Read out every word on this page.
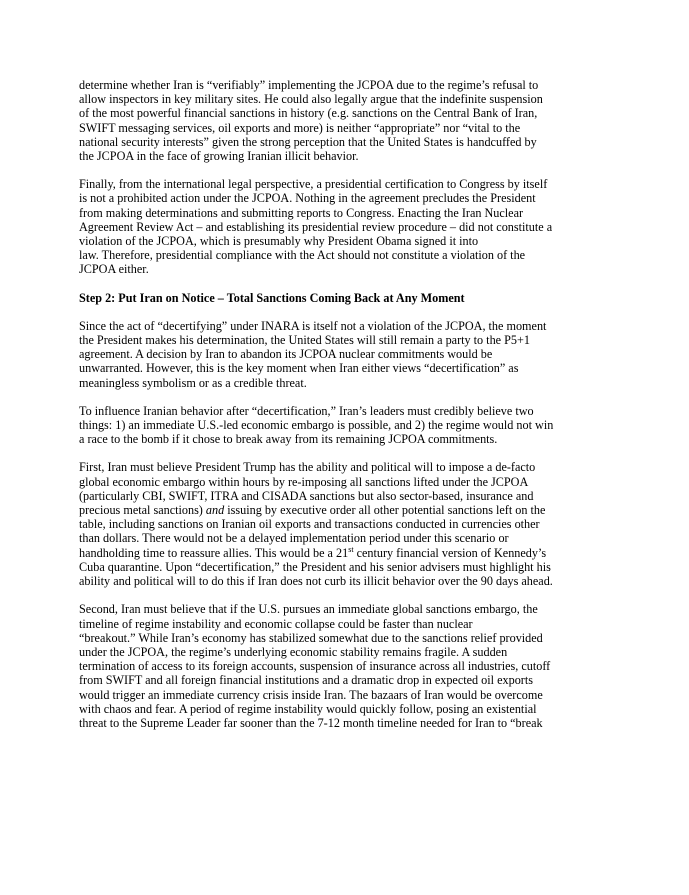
determine whether Iran is “verifiably” implementing the JCPOA due to the regime’s refusal to
allow inspectors in key military sites. He could also legally argue that the indefinite suspension
of the most powerful financial sanctions in history (e.g. sanctions on the Central Bank of Iran,
SWIFT messaging services, oil exports and more) is neither “appropriate” nor “vital to the
national security interests” given the strong perception that the United States is handcuffed by
the JCPOA in the face of growing Iranian illicit behavior.
Finally, from the international legal perspective, a presidential certification to Congress by itself
is not a prohibited action under the JCPOA. Nothing in the agreement precludes the President
from making determinations and submitting reports to Congress. Enacting the Iran Nuclear
Agreement Review Act – and establishing its presidential review procedure – did not constitute a
violation of the JCPOA, which is presumably why President Obama signed it into
law. Therefore, presidential compliance with the Act should not constitute a violation of the
JCPOA either.
Step 2: Put Iran on Notice – Total Sanctions Coming Back at Any Moment
Since the act of “decertifying” under INARA is itself not a violation of the JCPOA, the moment
the President makes his determination, the United States will still remain a party to the P5+1
agreement. A decision by Iran to abandon its JCPOA nuclear commitments would be
unwarranted. However, this is the key moment when Iran either views “decertification” as
meaningless symbolism or as a credible threat.
To influence Iranian behavior after “decertification,” Iran’s leaders must credibly believe two
things: 1) an immediate U.S.-led economic embargo is possible, and 2) the regime would not win
a race to the bomb if it chose to break away from its remaining JCPOA commitments.
First, Iran must believe President Trump has the ability and political will to impose a de-facto
global economic embargo within hours by re-imposing all sanctions lifted under the JCPOA
(particularly CBI, SWIFT, ITRA and CISADA sanctions but also sector-based, insurance and
precious metal sanctions) and issuing by executive order all other potential sanctions left on the
table, including sanctions on Iranian oil exports and transactions conducted in currencies other
than dollars. There would not be a delayed implementation period under this scenario or
handholding time to reassure allies. This would be a 21st century financial version of Kennedy’s
Cuba quarantine. Upon “decertification,” the President and his senior advisers must highlight his
ability and political will to do this if Iran does not curb its illicit behavior over the 90 days ahead.
Second, Iran must believe that if the U.S. pursues an immediate global sanctions embargo, the
timeline of regime instability and economic collapse could be faster than nuclear
“breakout.” While Iran’s economy has stabilized somewhat due to the sanctions relief provided
under the JCPOA, the regime’s underlying economic stability remains fragile. A sudden
termination of access to its foreign accounts, suspension of insurance across all industries, cutoff
from SWIFT and all foreign financial institutions and a dramatic drop in expected oil exports
would trigger an immediate currency crisis inside Iran. The bazaars of Iran would be overcome
with chaos and fear. A period of regime instability would quickly follow, posing an existential
threat to the Supreme Leader far sooner than the 7-12 month timeline needed for Iran to “break
